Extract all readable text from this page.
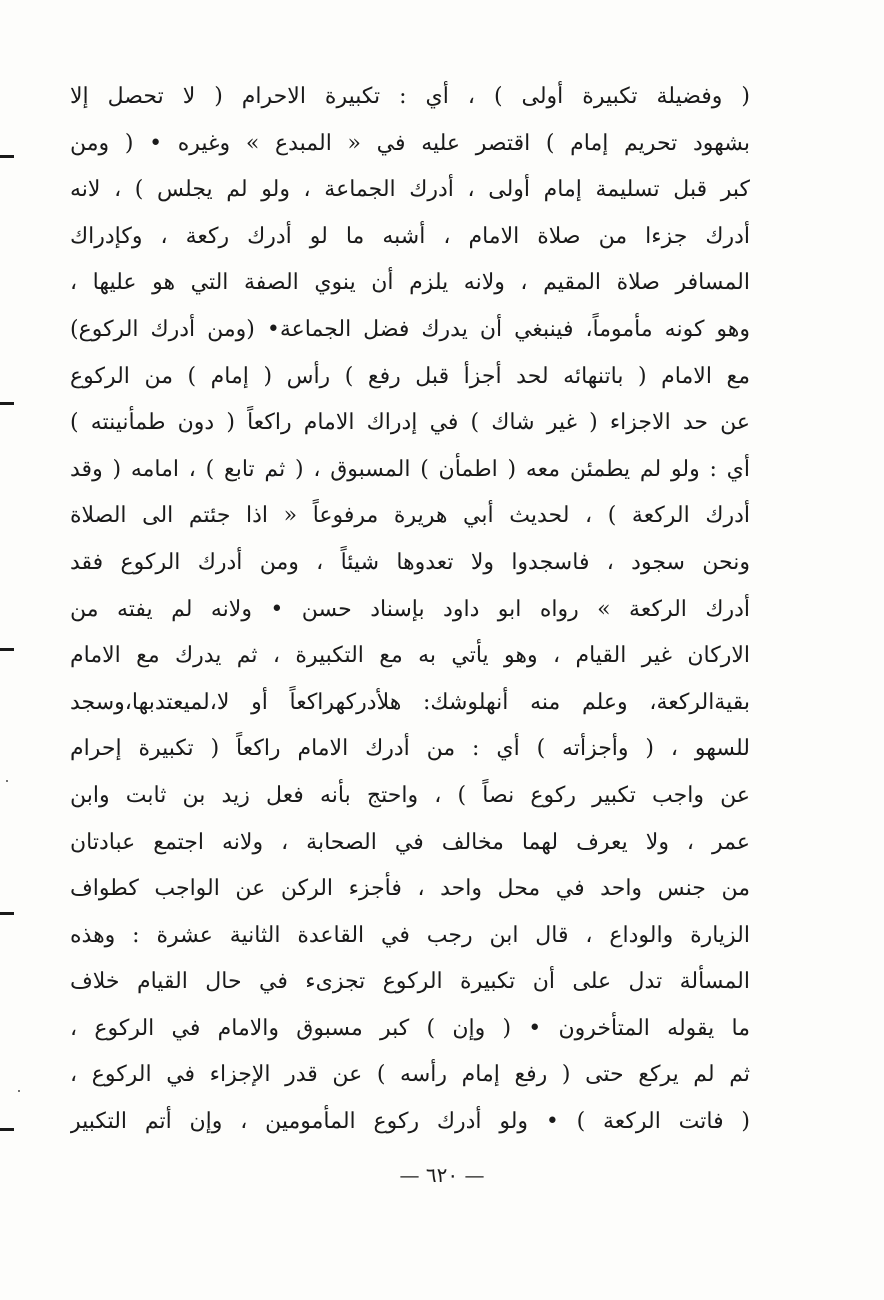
( وفضيلة تكبيرة أولى ) ، أي : تكبيرة الاحرام ( لا تحصل إلا
بشهود تحريم إمام ) اقتصر عليه في « المبدع » وغيره • ( ومن
كبر قبل تسليمة إمام أولى ، أدرك الجماعة ، ولو لم يجلس ) ، لانه
أدرك جزءا من صلاة الامام ، أشبه ما لو أدرك ركعة ، وكإدراك
المسافر صلاة المقيم ، ولانه يلزم أن ينوي الصفة التي هو عليها ،
وهو كونه مأموماً، فينبغي أن يدرك فضل الجماعة• (ومن أدرك الركوع)
مع الامام ( باتنهائه لحد أجزأ قبل رفع ) رأس ( إمام ) من الركوع
عن حد الاجزاء ( غير شاك ) في إدراك الامام راكعاً ( دون طمأنينته )
أي : ولو لم يطمئن معه ( اطمأن ) المسبوق ، ( ثم تابع ) ، امامه ( وقد
أدرك الركعة ) ، لحديث أبي هريرة مرفوعاً « اذا جئتم الى الصلاة
ونحن سجود ، فاسجدوا ولا تعدوها شيئاً ، ومن أدرك الركوع فقد
أدرك الركعة » رواه ابو داود بإسناد حسن • ولانه لم يفته من
الاركان غير القيام ، وهو يأتي به مع التكبيرة ، ثم يدرك مع الامام
بقيةالركعة، وعلم منه أنهلوشك: هلأدركهراكعاً أو لا،لميعتدبها،وسجد
للسهو ، ( وأجزأته ) أي : من أدرك الامام راكعاً ( تكبيرة إحرام
عن واجب تكبير ركوع نصاً ) ، واحتج بأنه فعل زيد بن ثابت وابن
عمر ، ولا يعرف لهما مخالف في الصحابة ، ولانه اجتمع عبادتان
من جنس واحد في محل واحد ، فأجزء الركن عن الواجب كطواف
الزيارة والوداع ، قال ابن رجب في القاعدة الثانية عشرة : وهذه
المسألة تدل على أن تكبيرة الركوع تجزىء في حال القيام خلاف
ما يقوله المتأخرون • ( وإن ) كبر مسبوق والامام في الركوع ،
ثم لم يركع حتى ( رفع إمام رأسه ) عن قدر الإجزاء في الركوع ،
( فاتت الركعة ) • ولو أدرك ركوع المأمومين ، وإن أتم التكبير
— ٦٢٠ —
